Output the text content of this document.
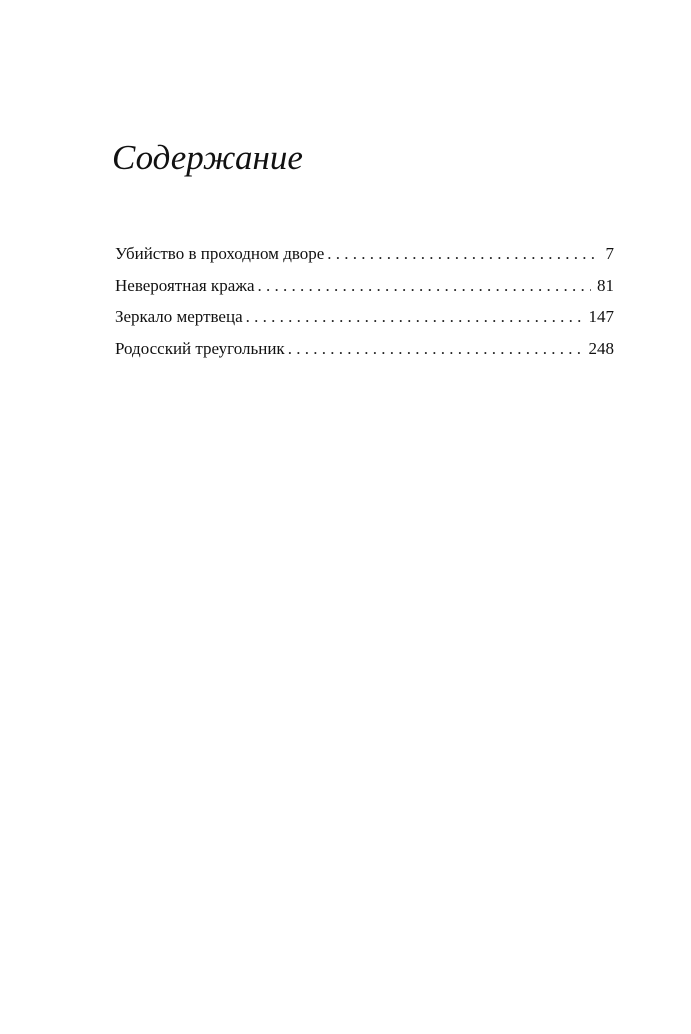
Содержание
Убийство в проходном дворе . . .	7
Невероятная кража . . .	81
Зеркало мертвеца . . .	147
Родосский треугольник . . .	248
